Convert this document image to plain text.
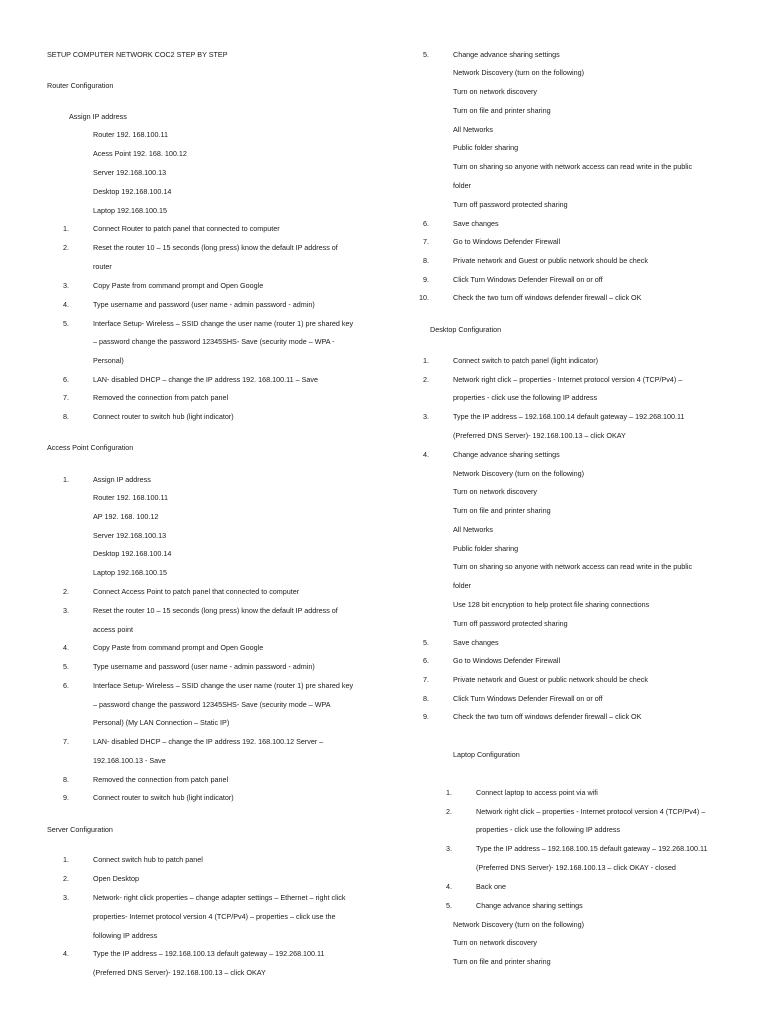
SETUP COMPUTER NETWORK COC2 STEP BY STEP
Router Configuration
Assign IP address
Router 192. 168.100.11
Acess Point 192. 168. 100.12
Server 192.168.100.13
Desktop 192.168.100.14
Laptop 192.168.100.15
1.	Connect Router to patch panel that connected to computer
2.	Reset the router 10 – 15 seconds (long press) know the default IP address of
router
3.	Copy Paste from command prompt and Open Google
4.	Type username and password (user name - admin password - admin)
5.	Interface Setup- Wireless – SSID change the user name (router 1) pre shared key
– password change the password 12345SHS- Save (security mode – WPA -
Personal)
6.	LAN- disabled DHCP – change the IP address 192. 168.100.11 – Save
7.	Removed the connection from patch panel
8.	Connect router to switch hub (light indicator)
Access Point Configuration
1.	Assign IP address
Router 192. 168.100.11
AP 192. 168. 100.12
Server 192.168.100.13
Desktop 192.168.100.14
Laptop 192.168.100.15
2.	Connect Access Point to patch panel that connected to computer
3.	Reset the router 10 – 15 seconds (long press) know the default IP address of
access point
4.	Copy Paste from command prompt and Open Google
5.	Type username and password (user name - admin password - admin)
6.	Interface Setup- Wireless – SSID change the user name (router 1) pre shared key
– password change the password 12345SHS- Save (security mode – WPA
Personal) (My LAN Connection – Static IP)
7.	LAN- disabled DHCP – change the IP address 192. 168.100.12 Server –
192.168.100.13 - Save
8.	Removed the connection from patch panel
9.	Connect router to switch hub (light indicator)
Server Configuration
1.	Connect switch hub to patch panel
2.	Open Desktop
3.	Network- right click properties – change adapter settings – Ethernet – right click
properties- Internet protocol version 4 (TCP/Pv4) – properties – click use the
following IP address
4.	Type the IP address – 192.168.100.13 default gateway – 192.268.100.11
(Preferred DNS Server)- 192.168.100.13 – click OKAY
5.	Change advance sharing settings
Network Discovery (turn on the following)
Turn on network discovery
Turn on file and printer sharing
All Networks
Public folder sharing
Turn on sharing so anyone with network access can read write in the public
folder
Turn off password protected sharing
6.	Save changes
7.	Go to Windows Defender Firewall
8.	Private network and Guest or public network should be check
9.	Click Turn Windows Defender Firewall on or off
10.	Check the two turn off windows defender firewall – click OK
Desktop Configuration
1.	Connect switch to patch panel (light indicator)
2.	Network right click – properties - Internet protocol version 4 (TCP/Pv4) –
properties - click use the following IP address
3.	Type the IP address – 192.168.100.14 default gateway – 192.268.100.11
(Preferred DNS Server)- 192.168.100.13 – click OKAY
4.	Change advance sharing settings
Network Discovery (turn on the following)
Turn on network discovery
Turn on file and printer sharing
All Networks
Public folder sharing
Turn on sharing so anyone with network access can read write in the public
folder
Use 128 bit encryption to help protect file sharing connections
Turn off password protected sharing
5.	Save changes
6.	Go to Windows Defender Firewall
7.	Private network and Guest or public network should be check
8.	Click Turn Windows Defender Firewall on or off
9.	Check the two turn off windows defender firewall – click OK
Laptop Configuration
1.	Connect laptop to access point via wifi
2.	Network right click – properties - Internet protocol version 4 (TCP/Pv4) –
properties - click use the following IP address
3.	Type the IP address – 192.168.100.15 default gateway – 192.268.100.11
(Preferred DNS Server)- 192.168.100.13 – click OKAY - closed
4.	Back one
5.	Change advance sharing settings
Network Discovery (turn on the following)
Turn on network discovery
Turn on file and printer sharing
